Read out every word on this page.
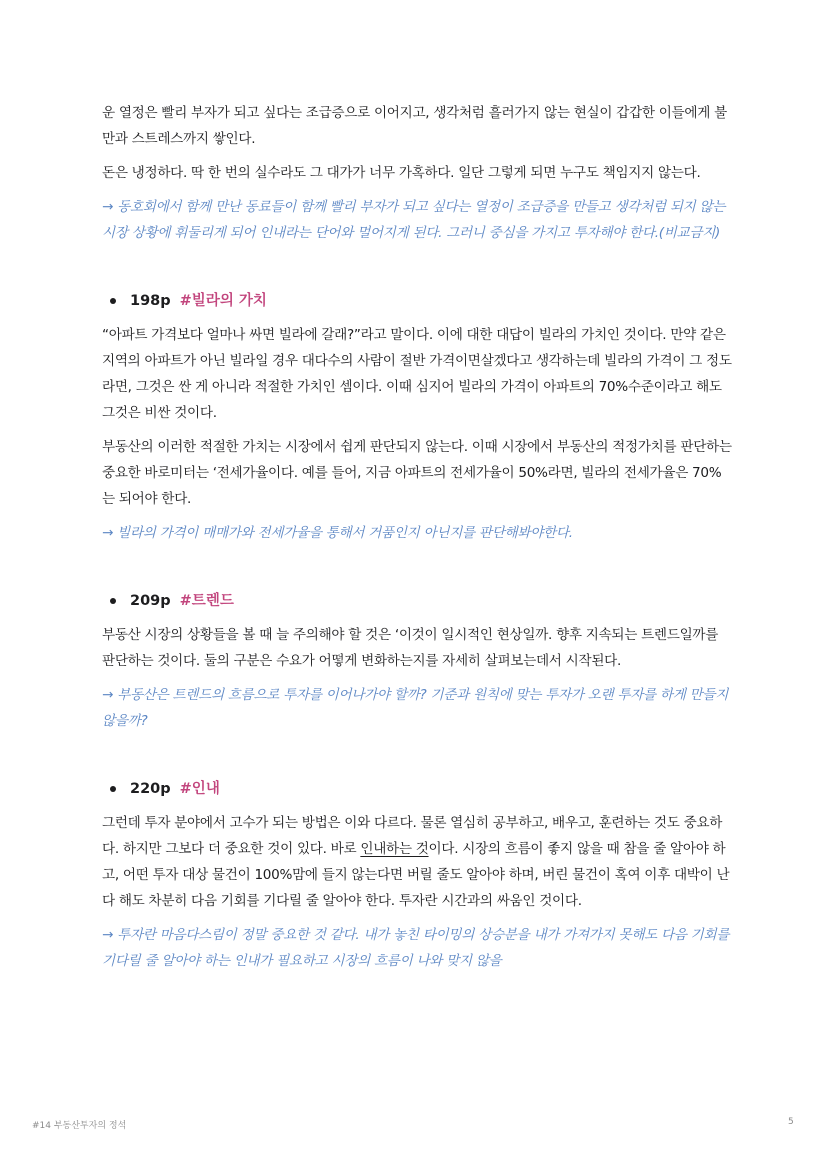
운 열정은 빨리 부자가 되고 싶다는 조급증으로 이어지고, 생각처럼 흘러가지 않는 현실이 갑갑한 이들에게 불만과 스트레스까지 쌓인다.

돈은 냉정하다. 딱 한 번의 실수라도 그 대가가 너무 가혹하다. 일단 그렇게 되면 누구도 책임지지 않는다.

→ 동호회에서 함께 만난 동료들이 함께 빨리 부자가 되고 싶다는 열정이 조급증을 만들고 생각처럼 되지 않는 시장 상황에 휘둘리게 되어 인내라는 단어와 멀어지게 된다. 그러니 중심을 가지고 투자해야 한다.(비교금지)

198p #빌라의 가치

“아파트 가격보다 얼마나 싸면 빌라에 갈래?”라고 말이다. 이에 대한 대답이 빌라의 가치인 것이다. 만약 같은 지역의 아파트가 아닌 빌라일 경우 대다수의 사람이 절반 가격이면살겠다고 생각하는데 빌라의 가격이 그 정도라면, 그것은 싼 게 아니라 적절한 가치인 셈이다. 이때 심지어 빌라의 가격이 아파트의 70%수준이라고 해도 그것은 비싼 것이다.

부동산의 이러한 적절한 가치는 시장에서 쉽게 판단되지 않는다. 이때 시장에서 부동산의 적정가치를 판단하는 중요한 바로미터는 ‘전세가율이다. 예를 들어, 지금 아파트의 전세가율이 50%라면, 빌라의 전세가율은 70%는 되어야 한다.

→ 빌라의 가격이 매매가와 전세가율을 통해서 거품인지 아닌지를 판단해봐야한다.

209p #트렌드

부동산 시장의 상황들을 볼 때 늘 주의해야 할 것은 ‘이것이 일시적인 현상일까. 향후 지속되는 트렌드일까를 판단하는 것이다. 둘의 구분은 수요가 어떻게 변화하는지를 자세히 살펴보는데서 시작된다.

→ 부동산은 트렌드의 흐름으로 투자를 이어나가야 할까? 기준과 원칙에 맞는 투자가 오랜 투자를 하게 만들지 않을까?

220p #인내

그런데 투자 분야에서 고수가 되는 방법은 이와 다르다. 물론 열심히 공부하고, 배우고, 훈련하는 것도 중요하다. 하지만 그보다 더 중요한 것이 있다. 바로 인내하는 것이다. 시장의 흐름이 좋지 않을 때 참을 줄 알아야 하고, 어떤 투자 대상 물건이 100%맘에 들지 않는다면 버릴 줄도 알아야 하며, 버린 물건이 혹여 이후 대박이 난다 해도 차분히 다음 기회를 기다릴 줄 알아야 한다. 투자란 시간과의 싸움인 것이다.

→ 투자란 마음다스림이 정말 중요한 것 같다. 내가 놓친 타이밍의 상승분을 내가 가져가지 못해도 다음 기회를 기다릴 줄 알아야 하는 인내가 필요하고 시장의 흐름이 나와 맞지 않을

#14 부동산투자의 정석	5
